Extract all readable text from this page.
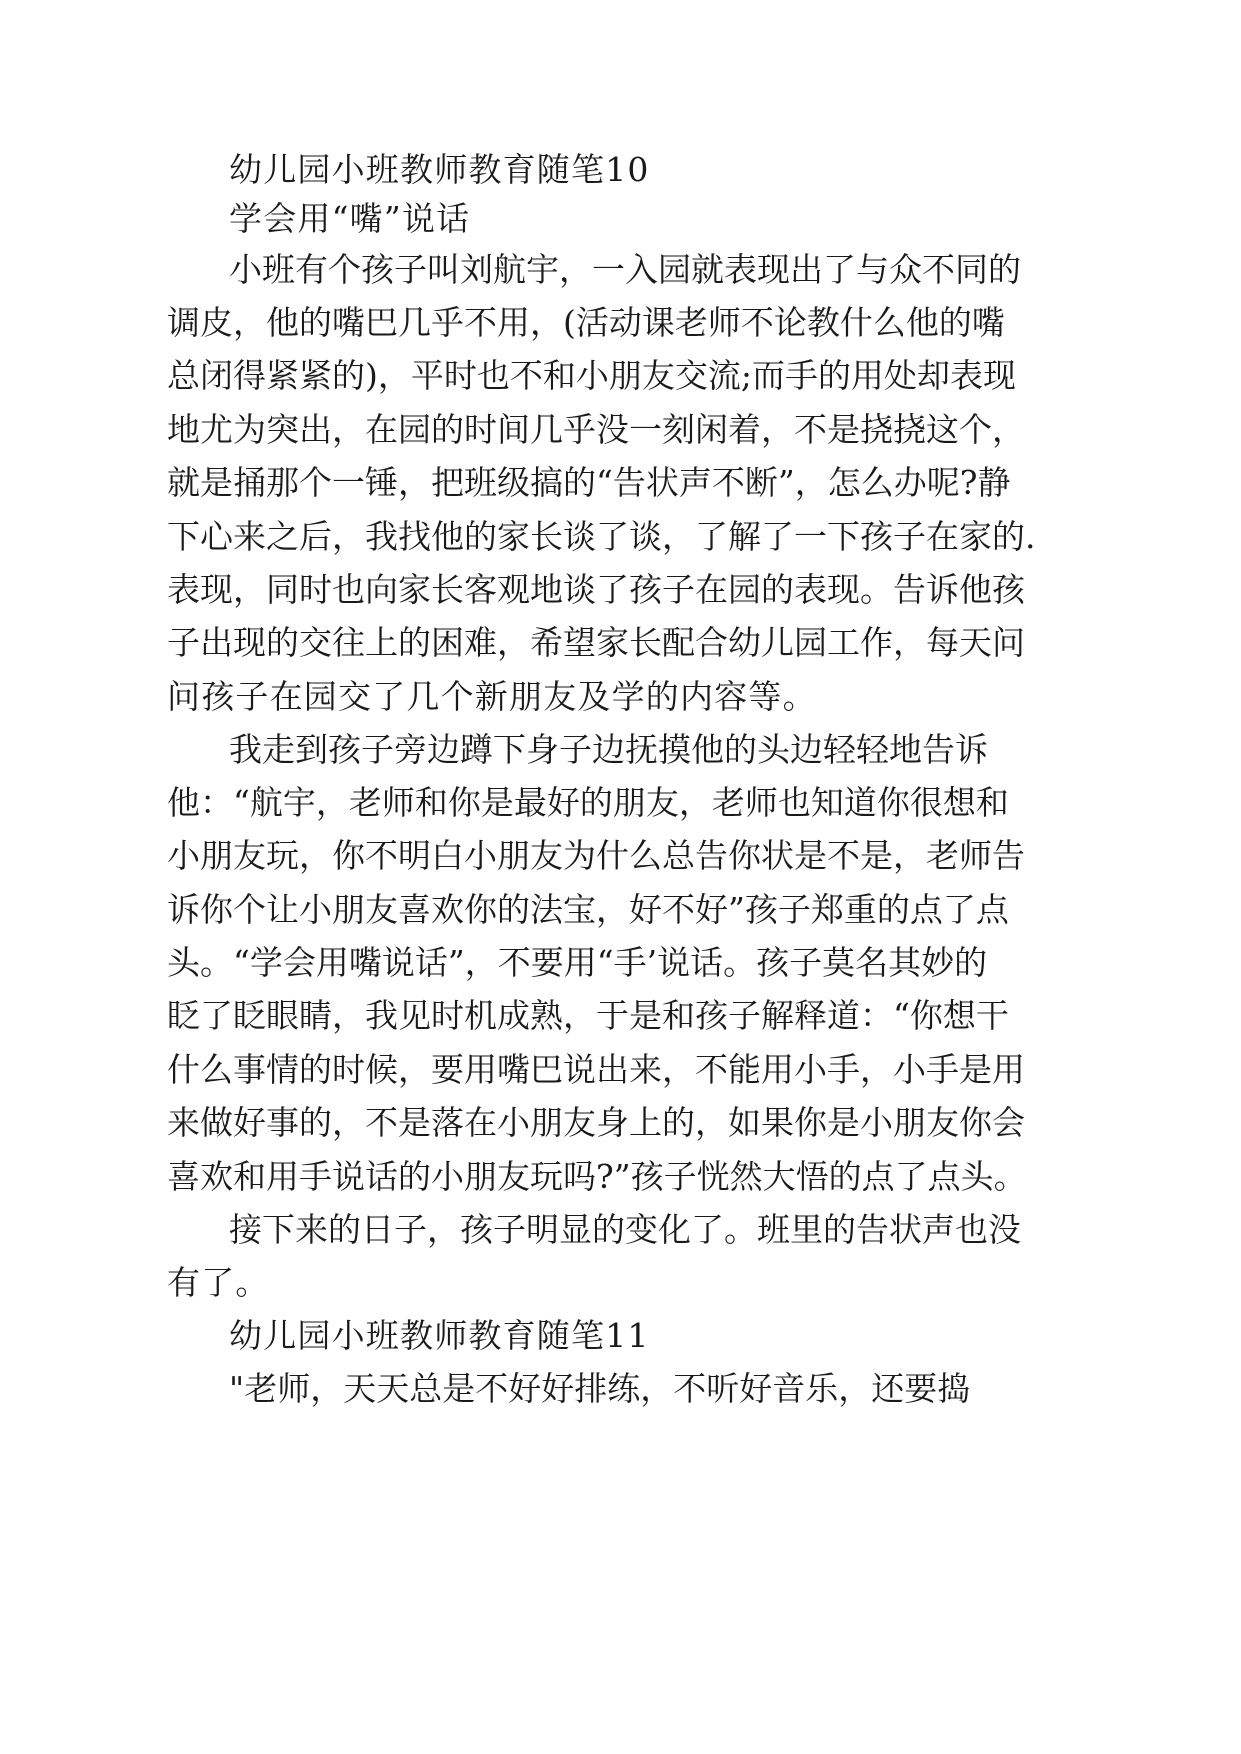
幼儿园小班教师教育随笔10
学会用“嘴”说话
小 班 有 个 孩 子 叫 刘 航 宇 ， 一 入 园 就 表 现 出 了 与 众 不 同 的
调 皮 ， 他 的 嘴 巴 几 乎 不 用 ， ( 活 动 课 老 师 不 论 教 什 么 他 的 嘴
总 闭 得 紧 紧 的 ) ， 平 时 也 不 和 小 朋 友 交 流 ; 而 手 的 用 处 却 表 现
地 尤 为 突 出 ， 在 园 的 时 间 几 乎 没 一 刻 闲 着 ， 不 是 挠 挠 这 个 ，
就 是 捅 那 个 一 锤 ， 把 班 级 搞 的 “ 告 状 声 不 断 ” ， 怎 么 办 呢 ? 静
下 心 来 之 后 ， 我 找 他 的 家 长 谈 了 谈 ， 了 解 了 一 下 孩 子 在 家 的 .
表 现 ， 同 时 也 向 家 长 客 观 地 谈 了 孩 子 在 园 的 表 现 。 告 诉 他 孩
子 出 现 的 交 往 上 的 困 难 ， 希 望 家 长 配 合 幼 儿 园 工 作 ， 每 天 问
问孩子在园交了几个新朋友及学的内容等。
我 走 到 孩 子 旁 边 蹲 下 身 子 边 抚 摸 他 的 头 边 轻 轻 地 告 诉
他 ： “ 航 宇 ， 老 师 和 你 是 最 好 的 朋 友 ， 老 师 也 知 道 你 很 想 和
小 朋 友 玩 ， 你 不 明 白 小 朋 友 为 什 么 总 告 你 状 是 不 是 ， 老 师 告
诉 你 个 让 小 朋 友 喜 欢 你 的 法 宝 ， 好 不 好 ” 孩 子 郑 重 的 点 了 点
头 。 “ 学 会 用 嘴 说 话 ” ， 不 要 用 “ 手 ’ 说 话 。 孩 子 莫 名 其 妙 的
眨 了 眨 眼 睛 ， 我 见 时 机 成 熟 ， 于 是 和 孩 子 解 释 道 ： “ 你 想 干
什 么 事 情 的 时 候 ， 要 用 嘴 巴 说 出 来 ， 不 能 用 小 手 ， 小 手 是 用
来 做 好 事 的 ， 不 是 落 在 小 朋 友 身 上 的 ， 如 果 你 是 小 朋 友 你 会
喜 欢 和 用 手 说 话 的 小 朋 友 玩 吗 ? ” 孩 子 恍 然 大 悟 的 点 了 点 头 。
接 下 来 的 日 子 ， 孩 子 明 显 的 变 化 了 。 班 里 的 告 状 声 也 没
有了。
幼儿园小班教师教育随笔11
" 老 师 ， 天 天 总 是 不 好 好 排 练 ， 不 听 好 音 乐 ， 还 要 捣
